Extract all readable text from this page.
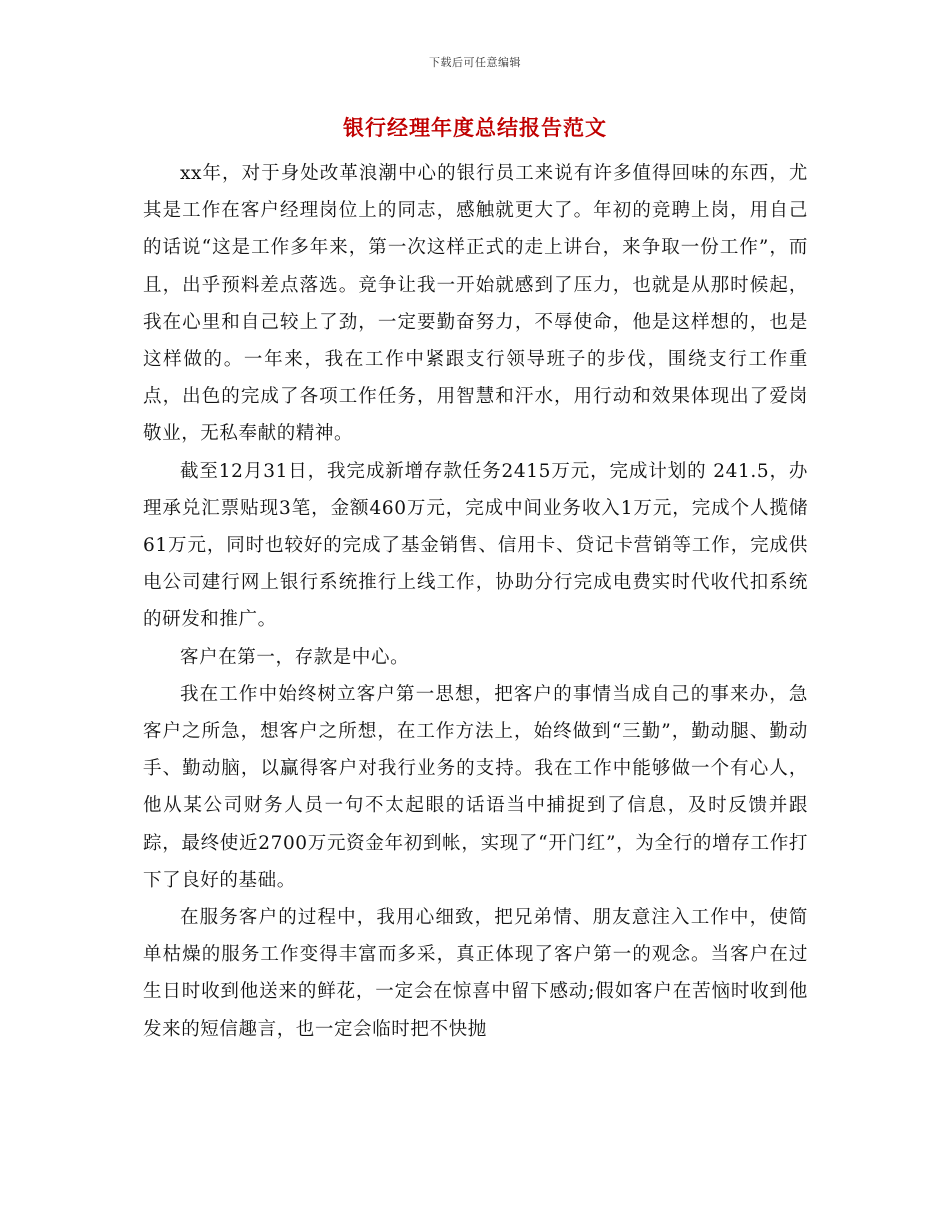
下载后可任意编辑
银行经理年度总结报告范文

xx年，对于身处改革浪潮中心的银行员工来说有许多值得回味的东西，尤其是工作在客户经理岗位上的同志，感触就更大了。年初的竞聘上岗，用自己的话说“这是工作多年来，第一次这样正式的走上讲台，来争取一份工作”，而且，出乎预料差点落选。竞争让我一开始就感到了压力，也就是从那时候起，我在心里和自己较上了劲，一定要勤奋努力，不辱使命，他是这样想的，也是这样做的。一年来，我在工作中紧跟支行领导班子的步伐，围绕支行工作重点，出色的完成了各项工作任务，用智慧和汗水，用行动和效果体现出了爱岗敬业，无私奉献的精神。

截至12月31日，我完成新增存款任务2415万元，完成计划的 241.5，办理承兑汇票贴现3笔，金额460万元，完成中间业务收入1万元，完成个人揽储61万元，同时也较好的完成了基金销售、信用卡、贷记卡营销等工作，完成供电公司建行网上银行系统推行上线工作，协助分行完成电费实时代收代扣系统的研发和推广。

客户在第一，存款是中心。

我在工作中始终树立客户第一思想，把客户的事情当成自己的事来办，急客户之所急，想客户之所想，在工作方法上，始终做到“三勤”，勤动腿、勤动手、勤动脑，以赢得客户对我行业务的支持。我在工作中能够做一个有心人，他从某公司财务人员一句不太起眼的话语当中捕捉到了信息，及时反馈并跟踪，最终使近2700万元资金年初到帐，实现了“开门红”，为全行的增存工作打下了良好的基础。

在服务客户的过程中，我用心细致，把兄弟情、朋友意注入工作中，使简单枯燥的服务工作变得丰富而多采，真正体现了客户第一的观念。当客户在过生日时收到他送来的鲜花，一定会在惊喜中留下感动;假如客户在苦恼时收到他发来的短信趣言，也一定会临时把不快抛
